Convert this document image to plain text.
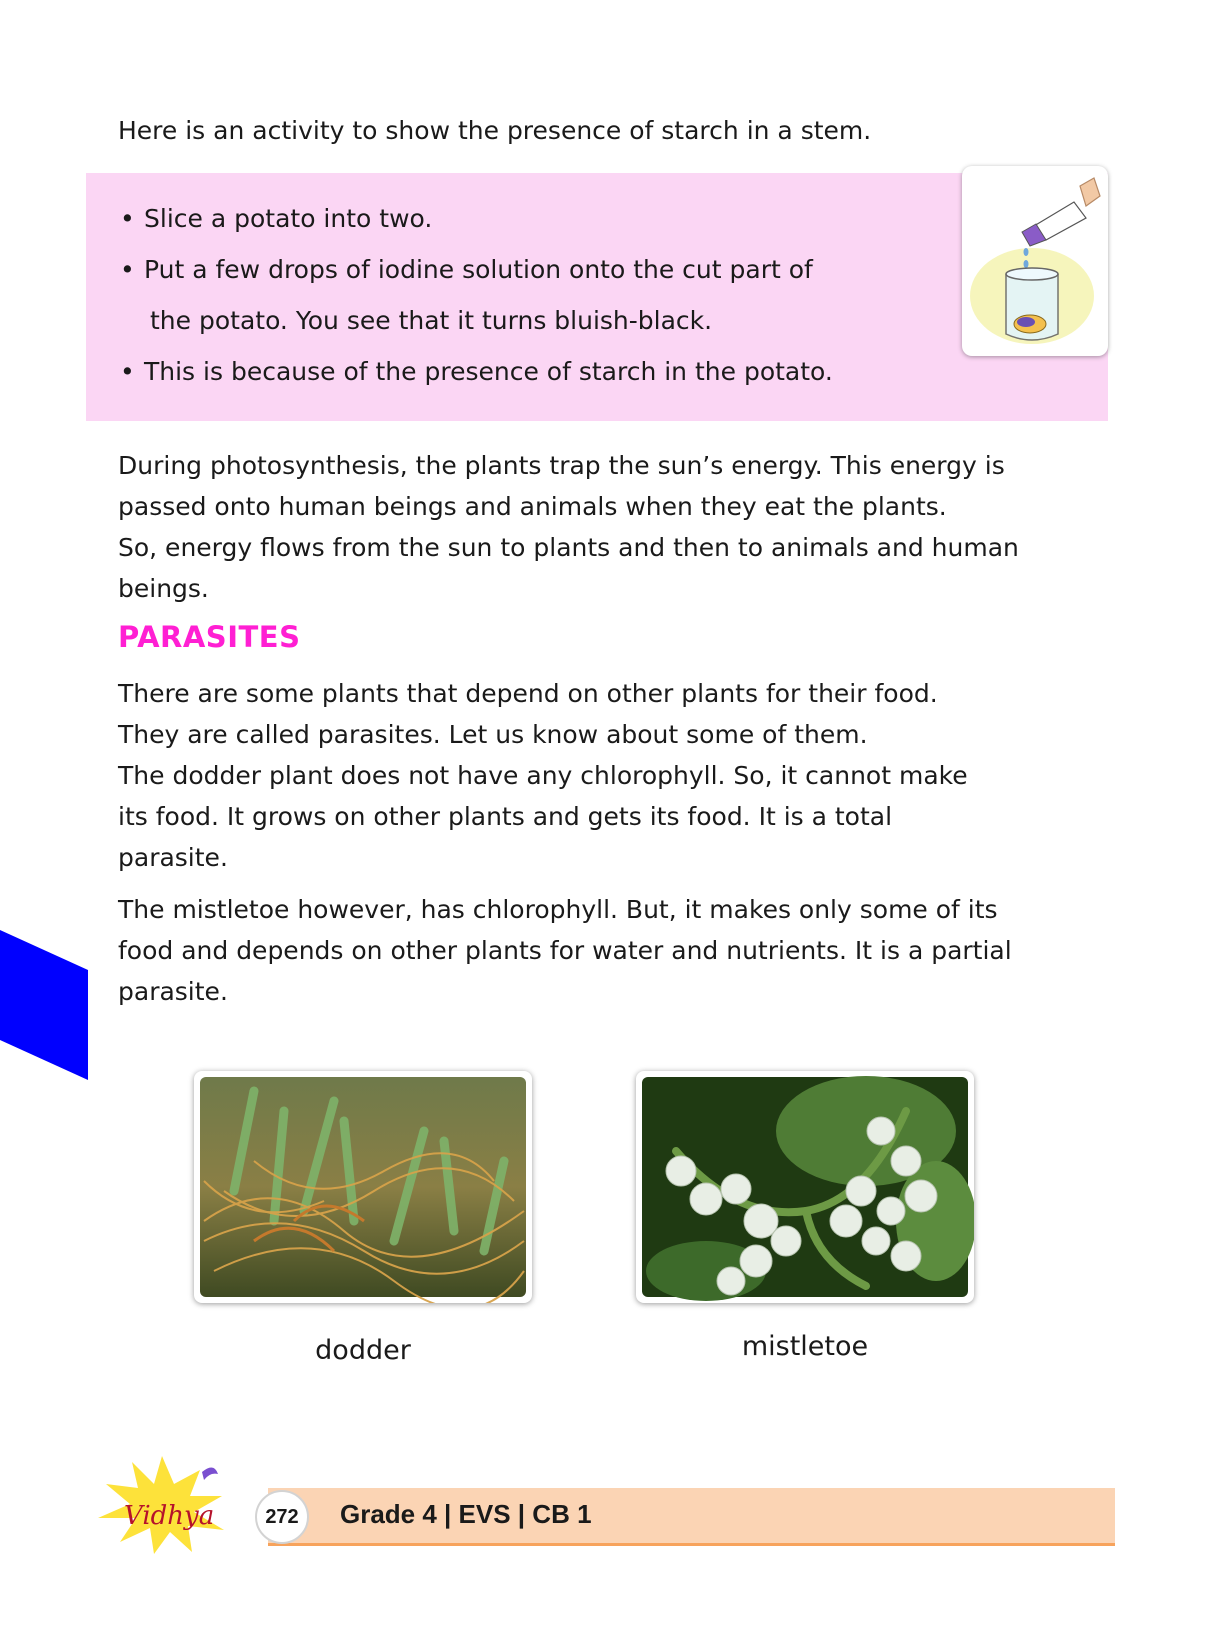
Here is an activity to show the presence of starch in a stem.

• Slice a potato into two.
• Put a few drops of iodine solution onto the cut part of
the potato. You see that it turns bluish-black.
• This is because of the presence of starch in the potato.

During photosynthesis, the plants trap the sun’s energy. This energy is
passed onto human beings and animals when they eat the plants.
So, energy flows from the sun to plants and then to animals and human
beings.

PARASITES

There are some plants that depend on other plants for their food.
They are called parasites. Let us know about some of them.
The dodder plant does not have any chlorophyll. So, it cannot make
its food. It grows on other plants and gets its food. It is a total
parasite.

The mistletoe however, has chlorophyll. But, it makes only some of its
food and depends on other plants for water and nutrients. It is a partial
parasite.

dodder	mistletoe

Vidhya	272	Grade 4 | EVS | CB 1
